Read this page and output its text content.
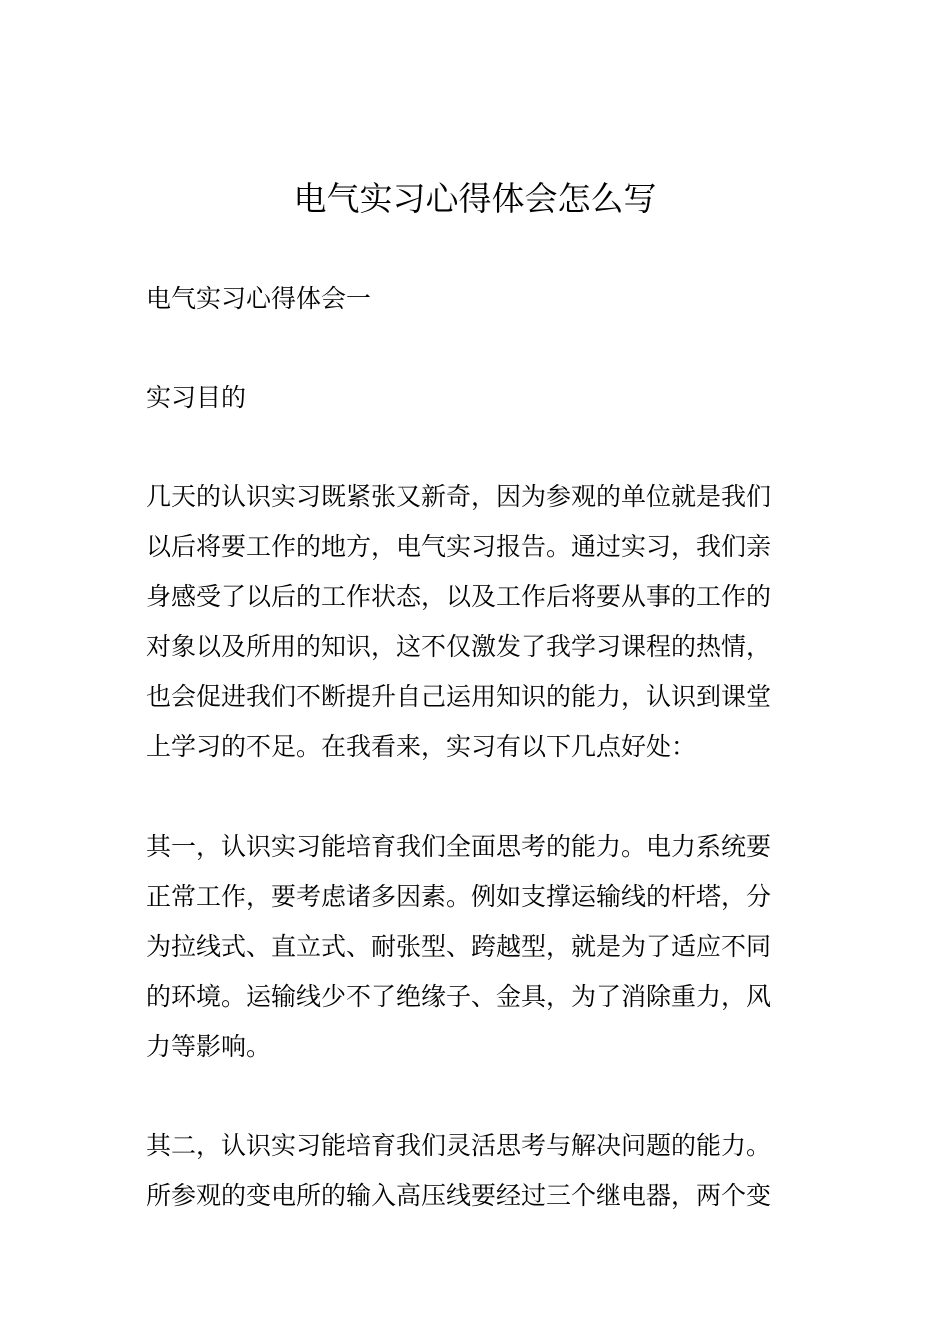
电气实习心得体会怎么写

电气实习心得体会一

实习目的

几天的认识实习既紧张又新奇，因为参观的单位就是我们

以后将要工作的地方，电气实习报告。通过实习，我们亲

身感受了以后的工作状态，以及工作后将要从事的工作的

对象以及所用的知识，这不仅激发了我学习课程的热情，

也会促进我们不断提升自己运用知识的能力，认识到课堂

上学习的不足。在我看来，实习有以下几点好处：

其一，认识实习能培育我们全面思考的能力。电力系统要

正常工作，要考虑诸多因素。例如支撑运输线的杆塔，分

为拉线式、直立式、耐张型、跨越型，就是为了适应不同

的环境。运输线少不了绝缘子、金具，为了消除重力，风

力等影响。

其二，认识实习能培育我们灵活思考与解决问题的能力。

所参观的变电所的输入高压线要经过三个继电器，两个变
